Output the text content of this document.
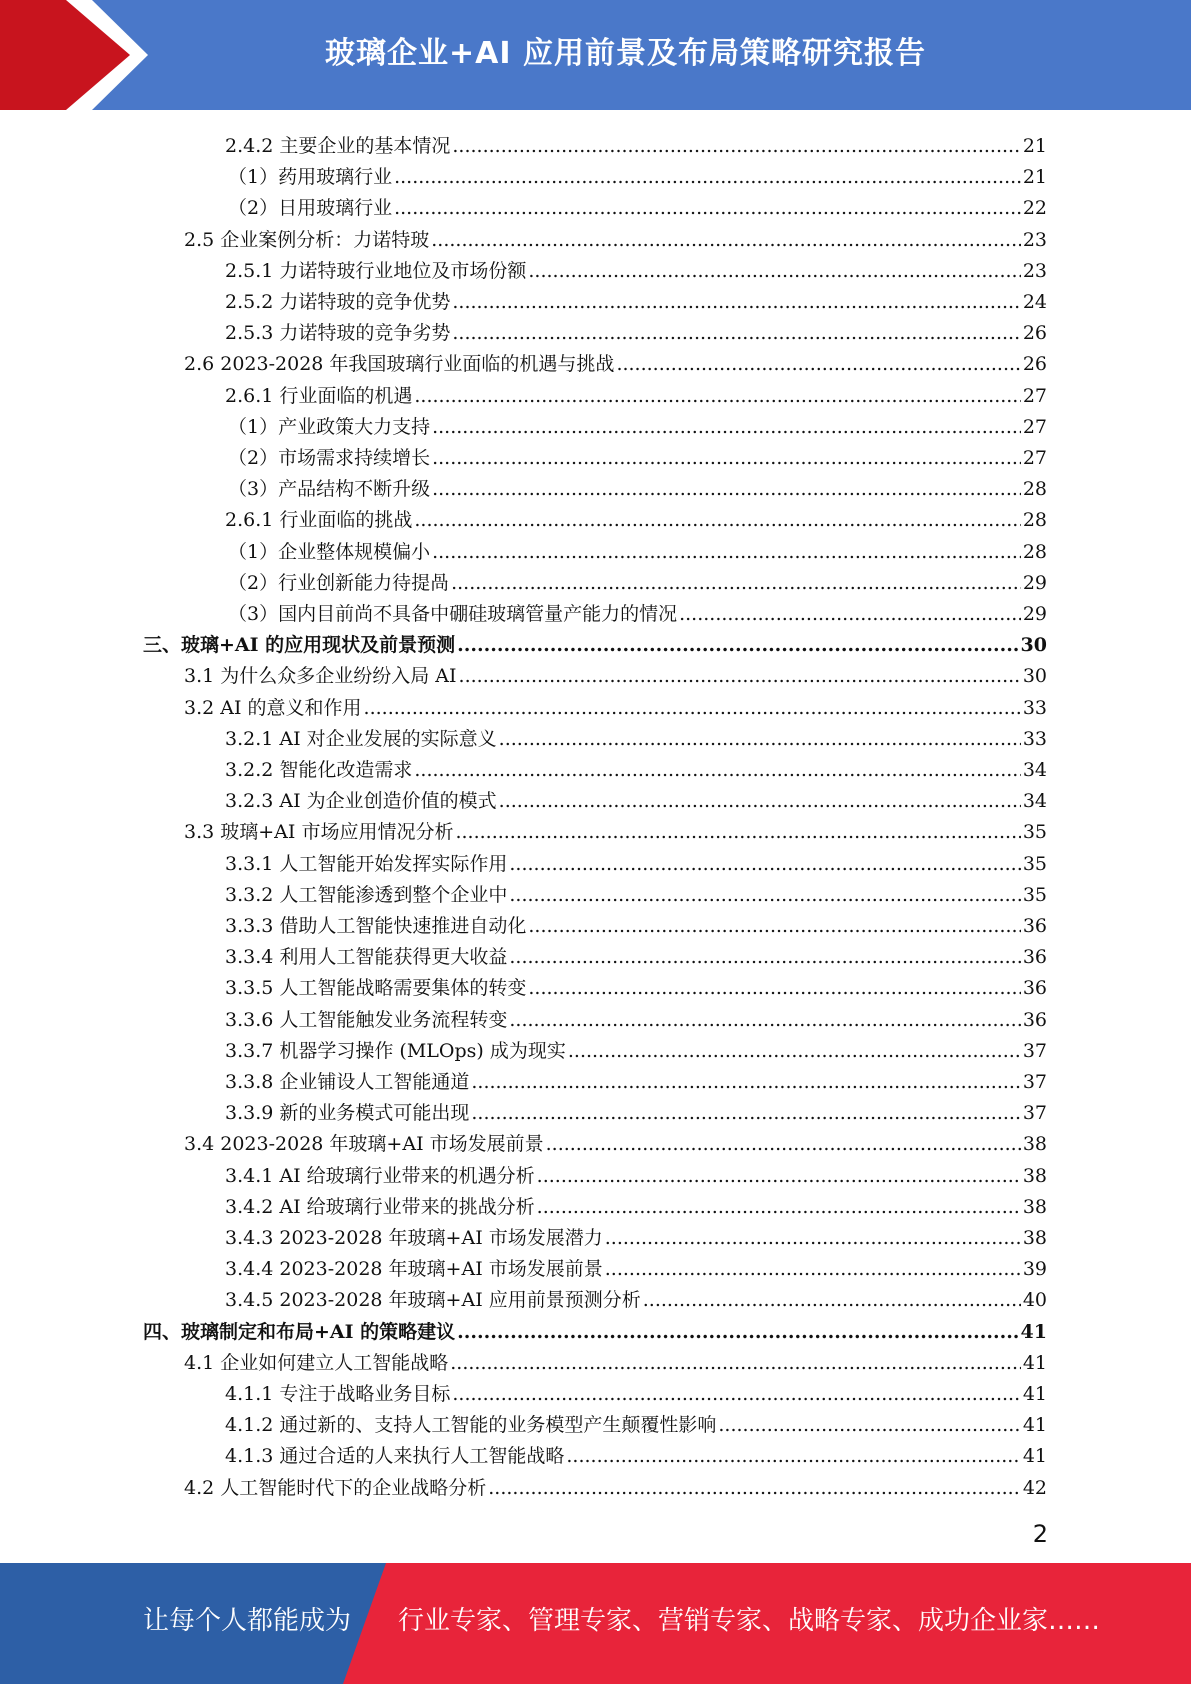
玻璃企业+AI 应用前景及布局策略研究报告
2.4.2 主要企业的基本情况 .....	21
（1）药用玻璃行业 .....	21
（2）日用玻璃行业 .....	22
2.5 企业案例分析：力诺特玻 .....	23
2.5.1 力诺特玻行业地位及市场份额 .....	23
2.5.2 力诺特玻的竞争优势 .....	24
2.5.3 力诺特玻的竞争劣势 .....	26
2.6 2023-2028 年我国玻璃行业面临的机遇与挑战 .....	26
2.6.1 行业面临的机遇 .....	27
（1）产业政策大力支持 .....	27
（2）市场需求持续增长 .....	27
（3）产品结构不断升级 .....	28
2.6.1 行业面临的挑战 .....	28
（1）企业整体规模偏小 .....	28
（2）行业创新能力待提咼 .....	29
（3）国内目前尚不具备中硼硅玻璃管量产能力的情况 .....	29
三、玻璃+AI 的应用现状及前景预测 .....	30
3.1 为什么众多企业纷纷入局 AI .....	30
3.2 AI 的意义和作用 .....	33
3.2.1 AI 对企业发展的实际意义 .....	33
3.2.2 智能化改造需求 .....	34
3.2.3 AI 为企业创造价值的模式 .....	34
3.3 玻璃+AI 市场应用情况分析 .....	35
3.3.1 人工智能开始发挥实际作用 .....	35
3.3.2 人工智能渗透到整个企业中 .....	35
3.3.3 借助人工智能快速推进自动化 .....	36
3.3.4 利用人工智能获得更大收益 .....	36
3.3.5 人工智能战略需要集体的转变 .....	36
3.3.6 人工智能触发业务流程转变 .....	36
3.3.7 机器学习操作 (MLOps) 成为现实 .....	37
3.3.8 企业铺设人工智能通道 .....	37
3.3.9 新的业务模式可能出现 .....	37
3.4 2023-2028 年玻璃+AI 市场发展前景 .....	38
3.4.1 AI 给玻璃行业带来的机遇分析 .....	38
3.4.2 AI 给玻璃行业带来的挑战分析 .....	38
3.4.3 2023-2028 年玻璃+AI 市场发展潜力 .....	38
3.4.4 2023-2028 年玻璃+AI 市场发展前景 .....	39
3.4.5 2023-2028 年玻璃+AI 应用前景预测分析 .....	40
四、玻璃制定和布局+AI 的策略建议 .....	41
4.1 企业如何建立人工智能战略 .....	41
4.1.1 专注于战略业务目标 .....	41
4.1.2 通过新的、支持人工智能的业务模型产生颠覆性影响 .....	41
4.1.3 通过合适的人来执行人工智能战略 .....	41
4.2 人工智能时代下的企业战略分析 .....	42
2
让每个人都能成为 行业专家、管理专家、营销专家、战略专家、成功企业家……
